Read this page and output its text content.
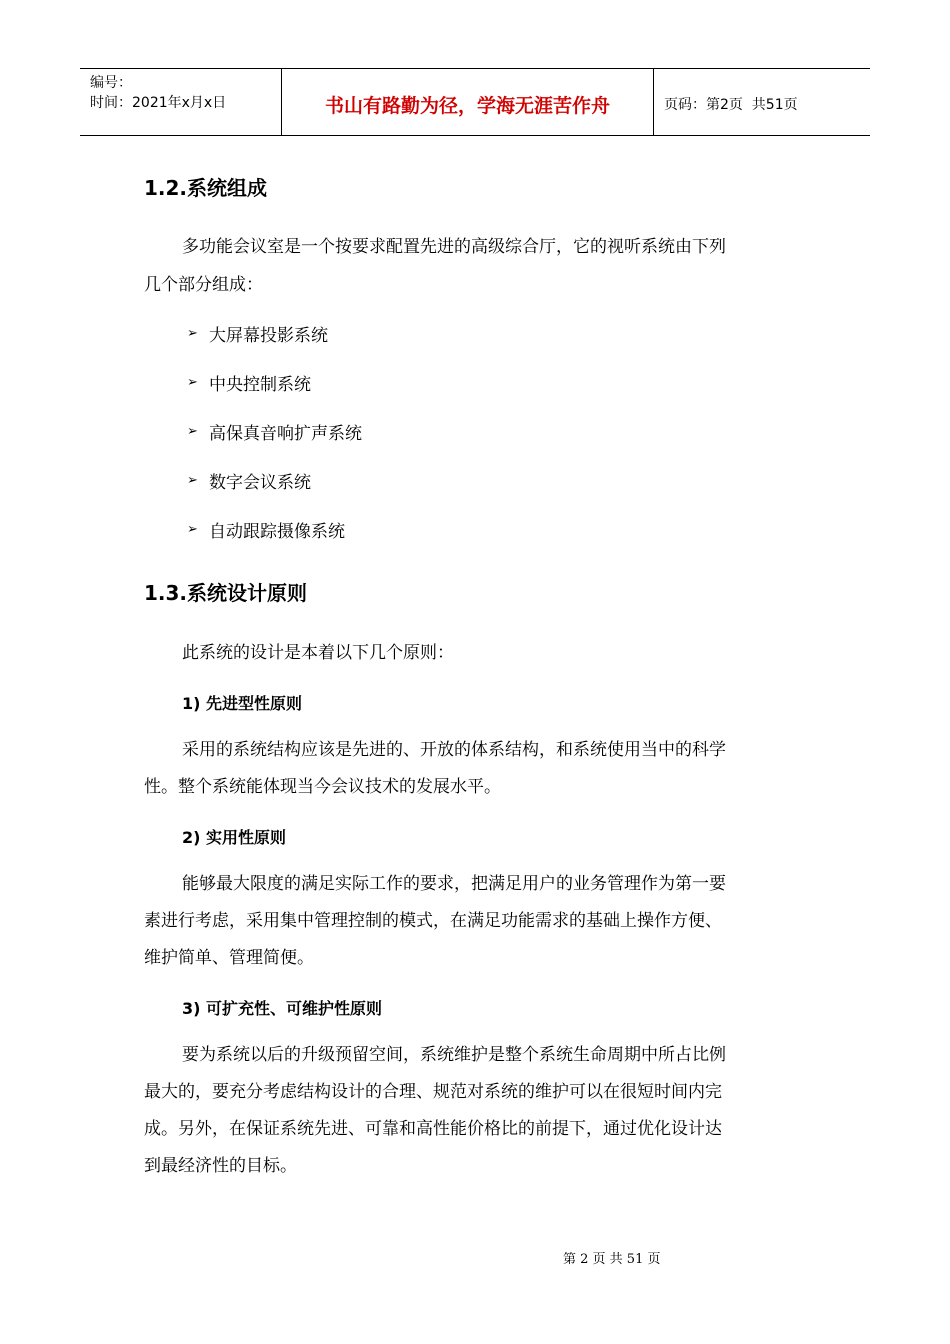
编号：
时间：2021年x月x日	书山有路勤为径，学海无涯苦作舟	页码：第2页  共51页
1.2.系统组成
多功能会议室是一个按要求配置先进的高级综合厅，它的视听系统由下列
几个部分组成：
➢ 大屏幕投影系统
➢ 中央控制系统
➢ 高保真音响扩声系统
➢ 数字会议系统
➢ 自动跟踪摄像系统
1.3.系统设计原则
此系统的设计是本着以下几个原则：
1) 先进型性原则
采用的系统结构应该是先进的、开放的体系结构，和系统使用当中的科学
性。整个系统能体现当今会议技术的发展水平。
2) 实用性原则
能够最大限度的满足实际工作的要求，把满足用户的业务管理作为第一要
素进行考虑，采用集中管理控制的模式，在满足功能需求的基础上操作方便、
维护简单、管理简便。
3) 可扩充性、可维护性原则
要为系统以后的升级预留空间，系统维护是整个系统生命周期中所占比例
最大的，要充分考虑结构设计的合理、规范对系统的维护可以在很短时间内完
成。另外，在保证系统先进、可靠和高性能价格比的前提下，通过优化设计达
到最经济性的目标。
第 2 页 共 51 页
